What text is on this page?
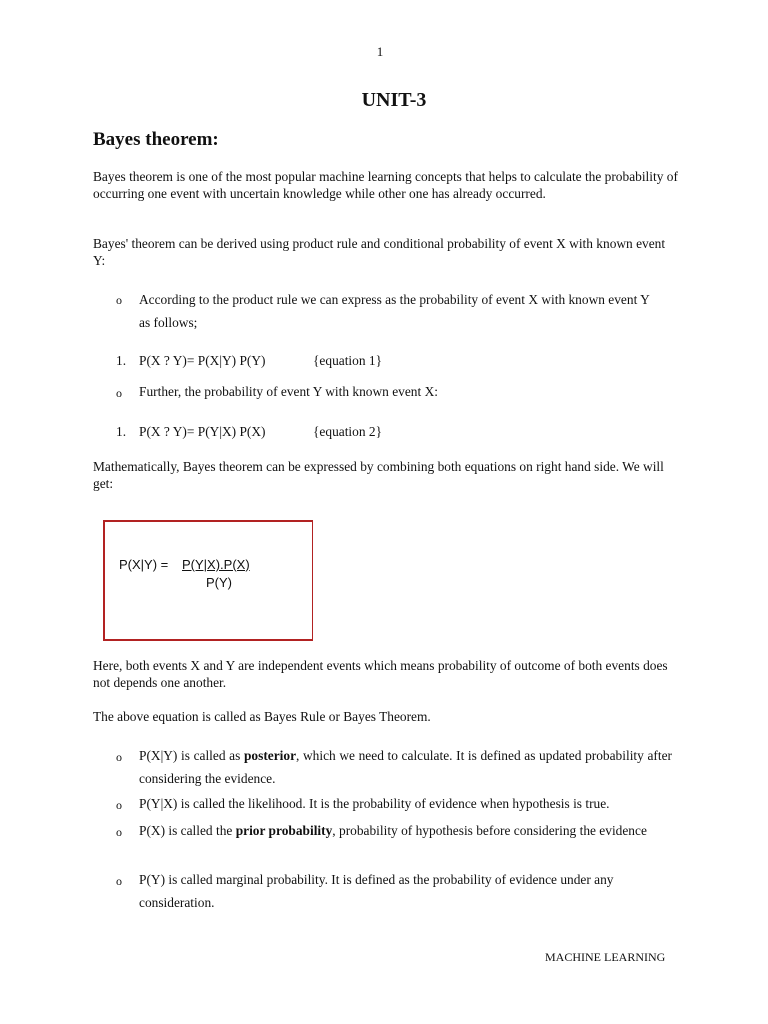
1
UNIT-3
Bayes theorem:

Bayes theorem is one of the most popular machine learning concepts that helps to calculate the probability of occurring one event with uncertain knowledge while other one has already occurred.

Bayes' theorem can be derived using product rule and conditional probability of event X with known event Y:

o According to the product rule we can express as the probability of event X with known event Y as follows;

1. P(X ? Y)= P(X|Y) P(Y)	{equation 1}
o Further, the probability of event Y with known event X:

1. P(X ? Y)= P(Y|X) P(X)	{equation 2}

Mathematically, Bayes theorem can be expressed by combining both equations on right hand side. We will get:

P(X|Y) = P(Y|X).P(X)
P(Y)

Here, both events X and Y are independent events which means probability of outcome of both events does not depends one another.

The above equation is called as Bayes Rule or Bayes Theorem.

o P(X|Y) is called as posterior, which we need to calculate. It is defined as updated probability after considering the evidence.

o P(Y|X) is called the likelihood. It is the probability of evidence when hypothesis is true.

o P(X) is called the prior probability, probability of hypothesis before considering the evidence

o P(Y) is called marginal probability. It is defined as the probability of evidence under any consideration.

MACHINE LEARNING
